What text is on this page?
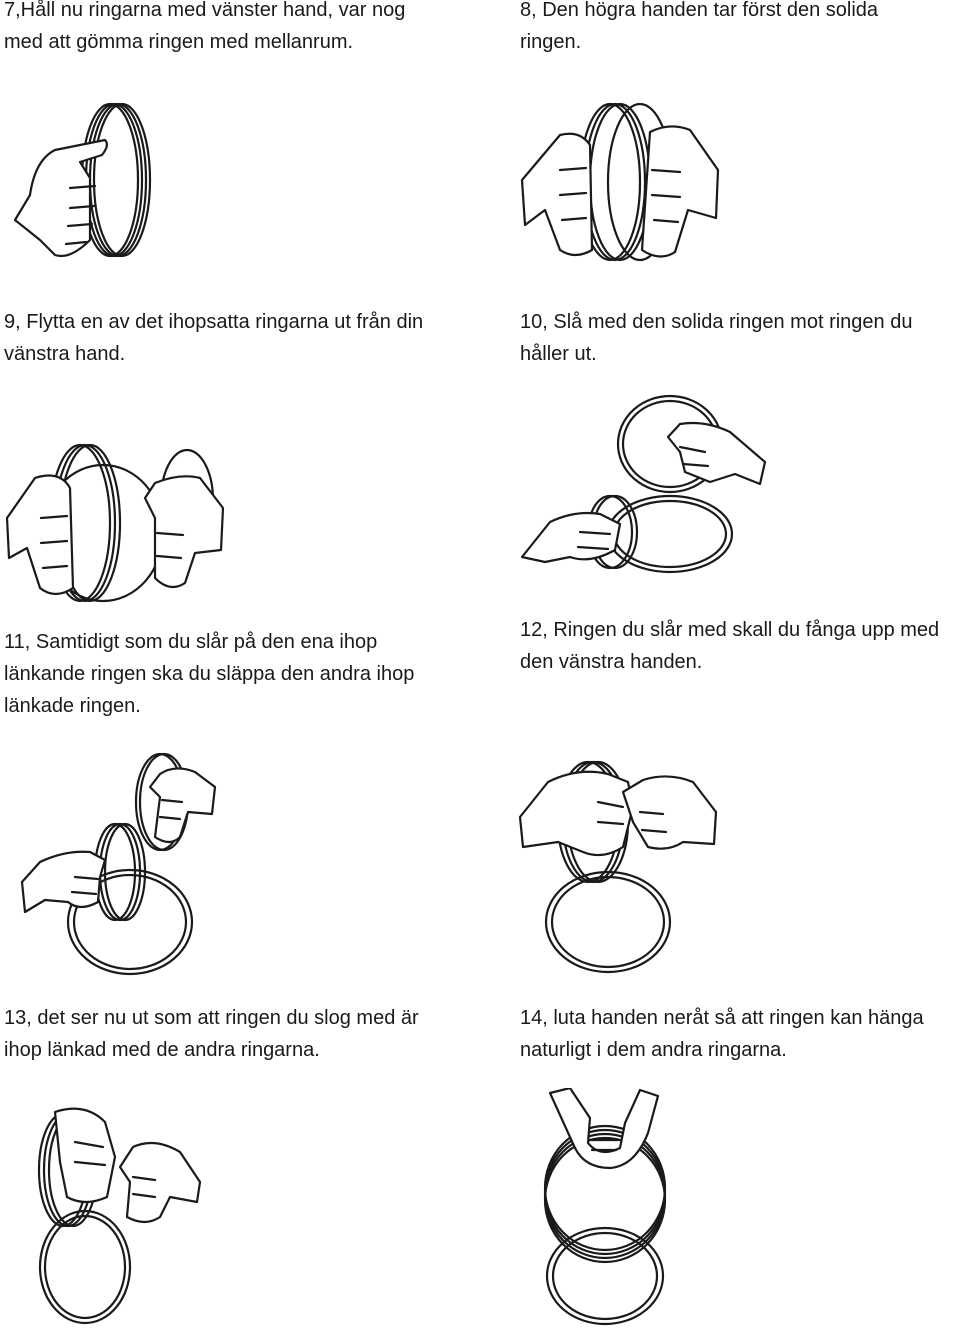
7,Håll nu ringarna med vänster hand, var nog med att gömma ringen med mellanrum.

8, Den högra handen tar först den solida ringen.

9, Flytta en av det ihopsatta ringarna ut från din vänstra hand.

10, Slå med den solida ringen mot ringen du håller ut.

11, Samtidigt som du slår på den ena ihop länkande ringen ska du släppa den andra ihop länkade ringen.

12, Ringen du slår med skall du fånga upp med den vänstra handen.

13, det ser nu ut som att ringen du slog med är ihop länkad med de andra ringarna.

14, luta handen neråt så att ringen kan hänga naturligt i dem andra ringarna.
